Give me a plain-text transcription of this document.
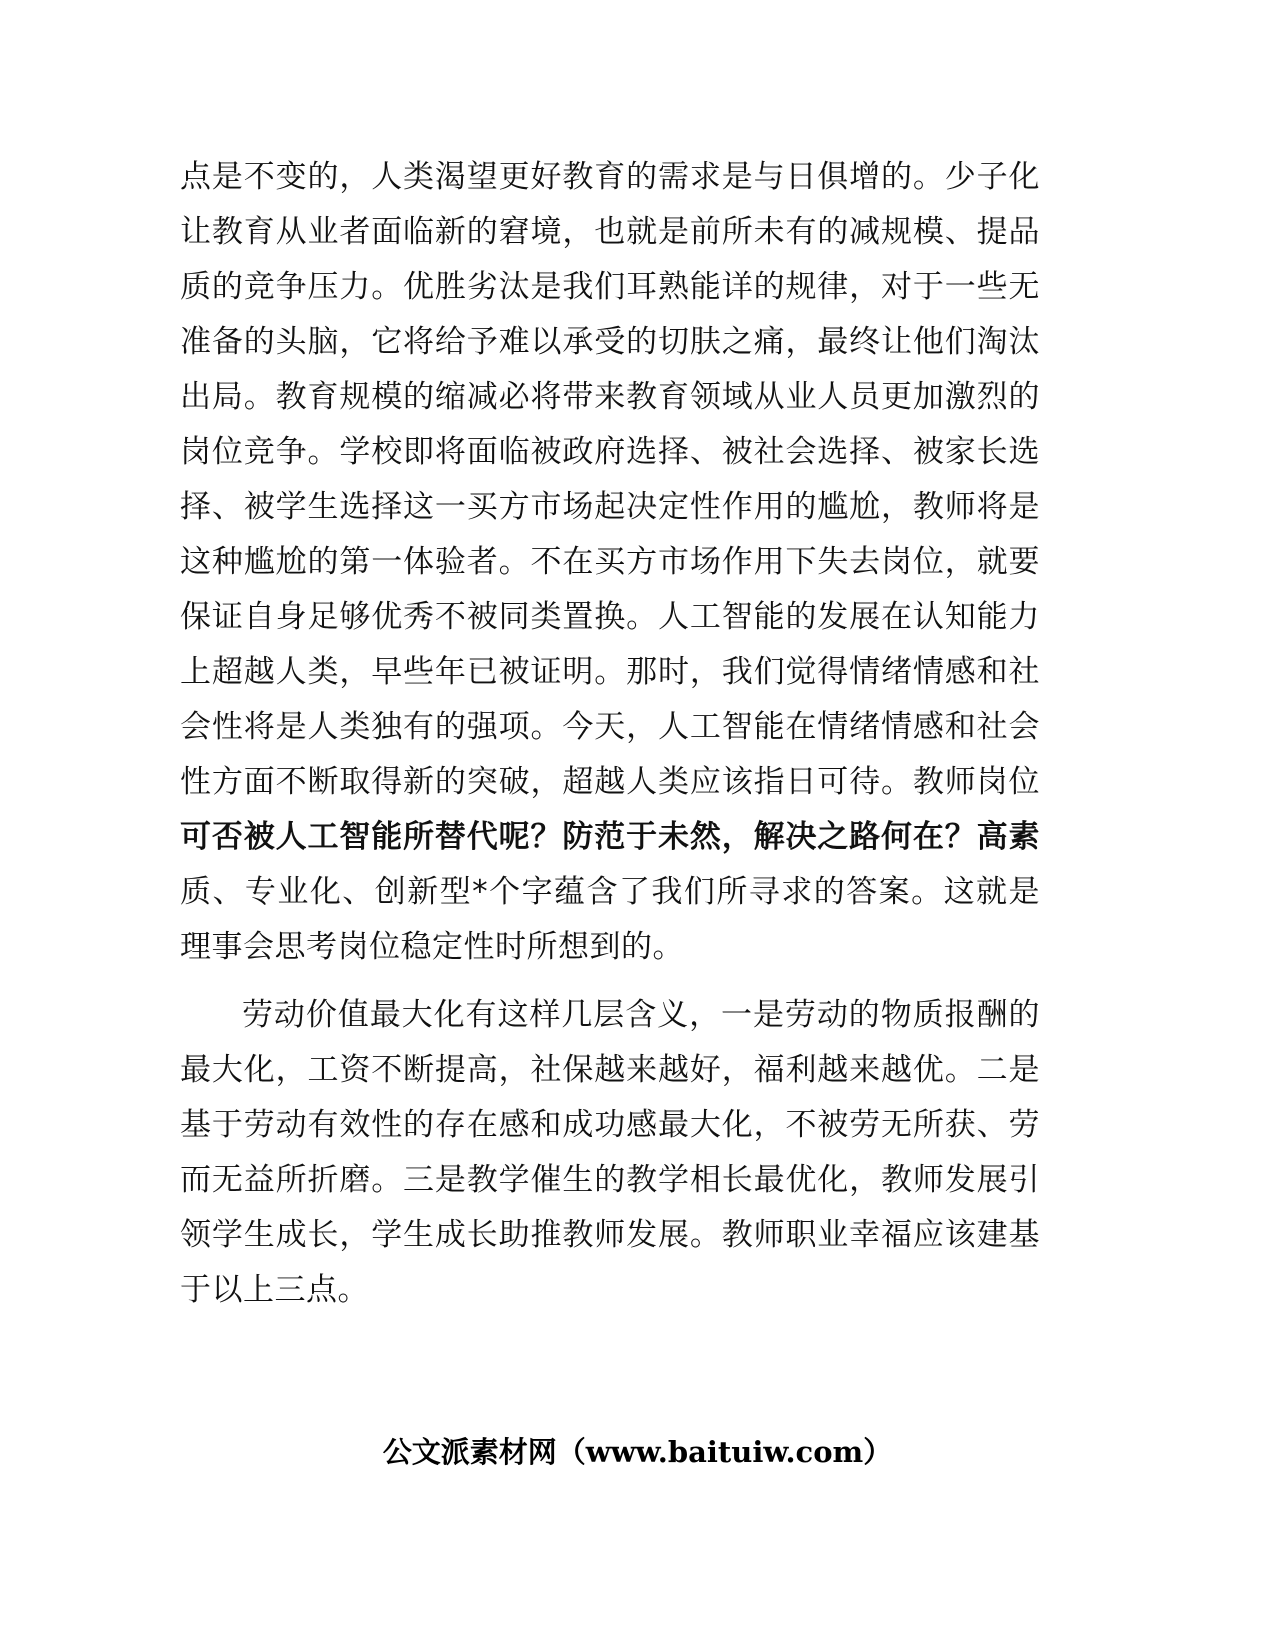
点是不变的，人类渴望更好教育的需求是与日俱增的。少子化让教育从业者面临新的窘境，也就是前所未有的减规模、提品质的竞争压力。优胜劣汰是我们耳熟能详的规律，对于一些无准备的头脑，它将给予难以承受的切肤之痛，最终让他们淘汰出局。教育规模的缩减必将带来教育领域从业人员更加激烈的岗位竞争。学校即将面临被政府选择、被社会选择、被家长选择、被学生选择这一买方市场起决定性作用的尴尬，教师将是这种尴尬的第一体验者。不在买方市场作用下失去岗位，就要保证自身足够优秀不被同类置换。人工智能的发展在认知能力上超越人类，早些年已被证明。那时，我们觉得情绪情感和社会性将是人类独有的强项。今天，人工智能在情绪情感和社会性方面不断取得新的突破，超越人类应该指日可待。教师岗位可否被人工智能所替代呢？防范于未然，解决之路何在？高素质、专业化、创新型*个字蕴含了我们所寻求的答案。这就是理事会思考岗位稳定性时所想到的。

劳动价值最大化有这样几层含义，一是劳动的物质报酬的最大化，工资不断提高，社保越来越好，福利越来越优。二是基于劳动有效性的存在感和成功感最大化，不被劳无所获、劳而无益所折磨。三是教学催生的教学相长最优化，教师发展引领学生成长，学生成长助推教师发展。教师职业幸福应该建基于以上三点。

公文派素材网（www.baituiw.com）
